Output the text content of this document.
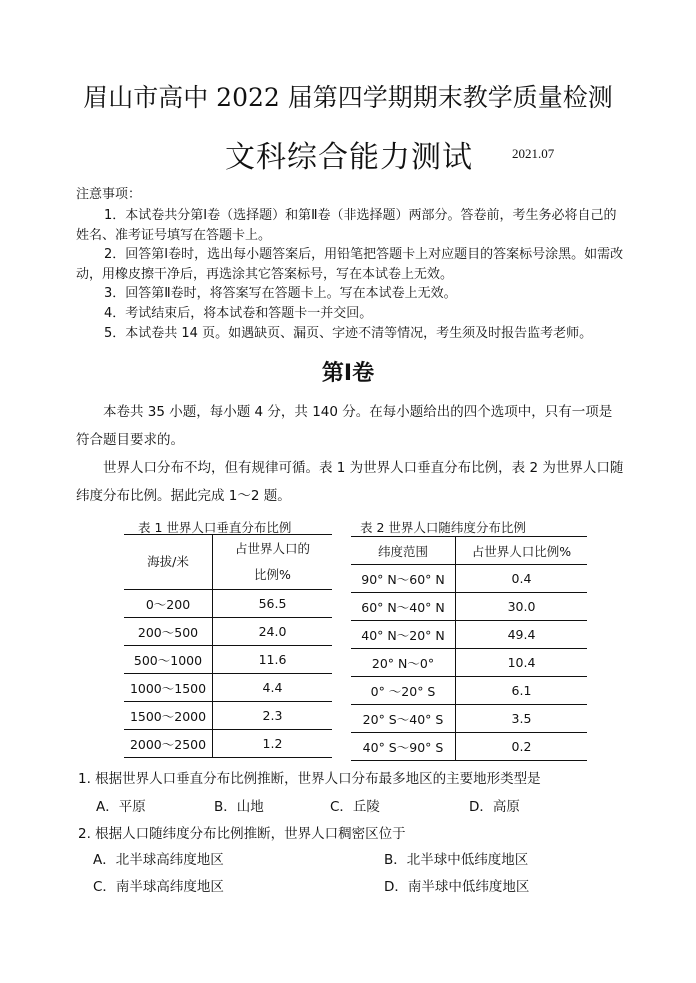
眉山市高中 2022 届第四学期期末教学质量检测
文科综合能力测试	2021.07
注意事项：

1．本试卷共分第Ⅰ卷（选择题）和第Ⅱ卷（非选择题）两部分。答卷前，考生务必将自己的姓名、准考证号填写在答题卡上。

2．回答第Ⅰ卷时，选出每小题答案后，用铅笔把答题卡上对应题目的答案标号涂黑。如需改动，用橡皮擦干净后，再选涂其它答案标号，写在本试卷上无效。

3．回答第Ⅱ卷时，将答案写在答题卡上。写在本试卷上无效。

4．考试结束后，将本试卷和答题卡一并交回。

5．本试卷共 14 页。如遇缺页、漏页、字迹不清等情况，考生须及时报告监考老师。

第Ⅰ卷

本卷共 35 小题，每小题 4 分，共 140 分。在每小题给出的四个选项中，只有一项是符合题目要求的。

世界人口分布不均，但有规律可循。表 1 为世界人口垂直分布比例，表 2 为世界人口随纬度分布比例。据此完成 1～2 题。

表 1 世界人口垂直分布比例	表 2 世界人口随纬度分布比例
海拔/米	占世界人口的
比例%

0～200	56.5
200～500	24.0
500～1000	11.6
1000～1500	4.4
1500～2000	2.3
2000～2500	1.2
纬度范围	占世界人口比例%
90° N～60° N	0.4
60° N～40° N	30.0
40° N～20° N	49.4
20° N～0°	10.4
0° ～20° S	6.1
20° S～40° S	3.5
40° S～90° S	0.2
1. 根据世界人口垂直分布比例推断，世界人口分布最多地区的主要地形类型是
A．平原	B．山地	C．丘陵	D．高原
2. 根据人口随纬度分布比例推断，世界人口稠密区位于
A．北半球高纬度地区	B．北半球中低纬度地区
C．南半球高纬度地区	D．南半球中低纬度地区
